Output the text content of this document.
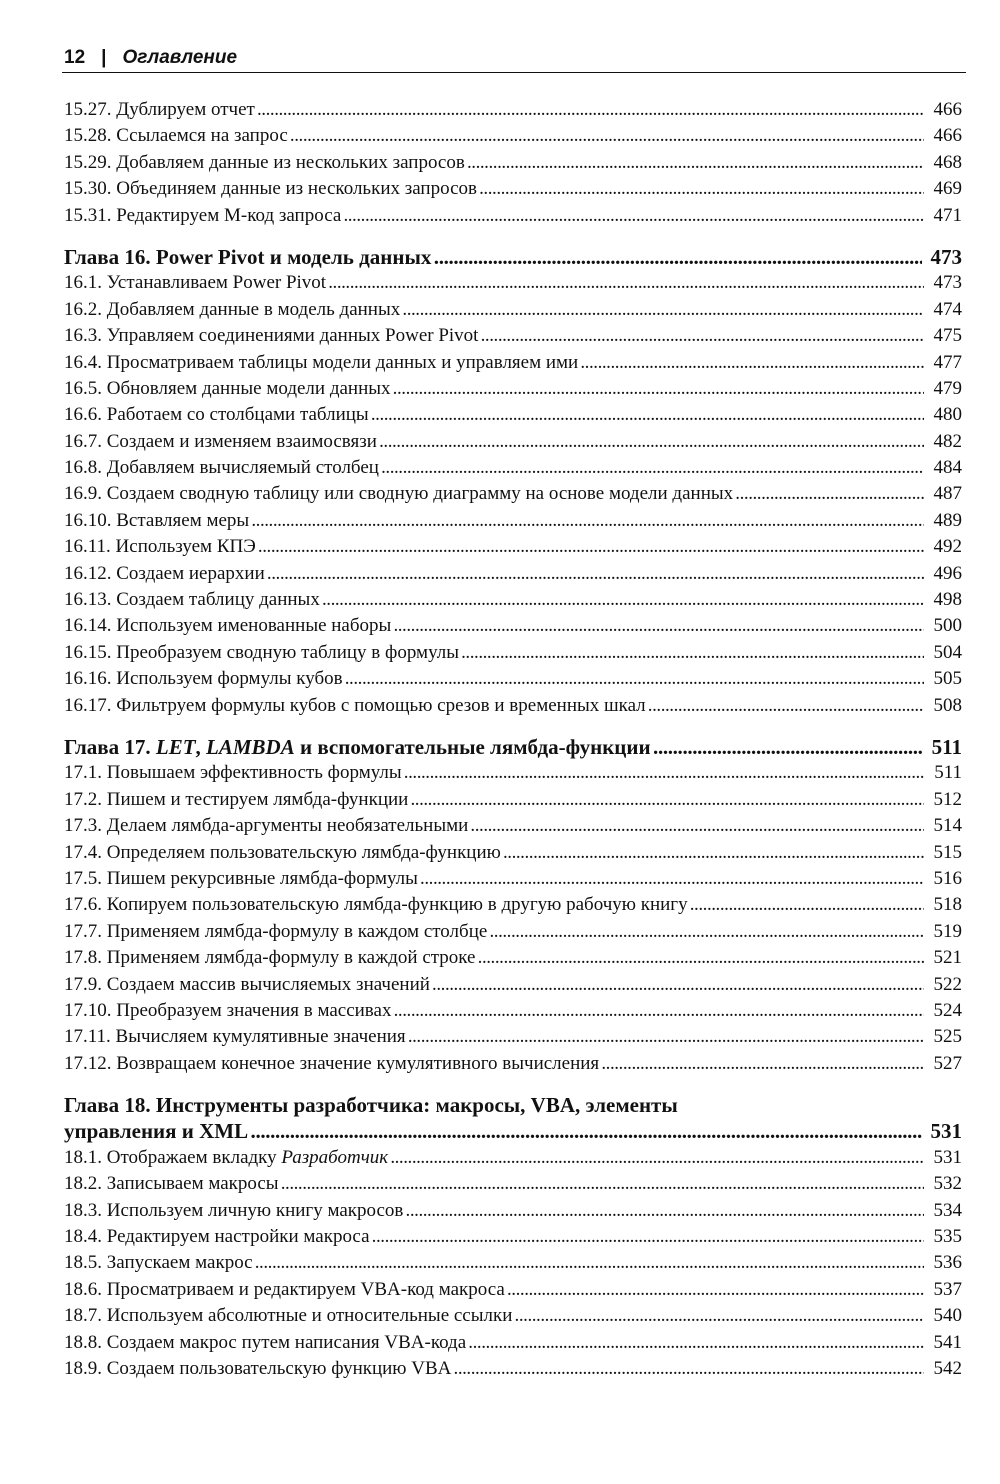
12 | Оглавление
15.27. Дублируем отчет . . .	466
15.28. Ссылаемся на запрос . . .	466
15.29. Добавляем данные из нескольких запросов . . .	468
15.30. Объединяем данные из нескольких запросов . . .	469
15.31. Редактируем M-код запроса . . .	471
Глава 16. Power Pivot и модель данных . . .	473
16.1. Устанавливаем Power Pivot . . .	473
16.2. Добавляем данные в модель данных . . .	474
16.3. Управляем соединениями данных Power Pivot . . .	475
16.4. Просматриваем таблицы модели данных и управляем ими . . .	477
16.5. Обновляем данные модели данных . . .	479
16.6. Работаем со столбцами таблицы . . .	480
16.7. Создаем и изменяем взаимосвязи . . .	482
16.8. Добавляем вычисляемый столбец . . .	484
16.9. Создаем сводную таблицу или сводную диаграмму на основе модели данных . . .	487
16.10. Вставляем меры . . .	489
16.11. Используем КПЭ . . .	492
16.12. Создаем иерархии . . .	496
16.13. Создаем таблицу данных . . .	498
16.14. Используем именованные наборы . . .	500
16.15. Преобразуем сводную таблицу в формулы . . .	504
16.16. Используем формулы кубов . . .	505
16.17. Фильтруем формулы кубов с помощью срезов и временных шкал . . .	508
Глава 17. LET, LAMBDA и вспомогательные лямбда-функции . . .	511
17.1. Повышаем эффективность формулы . . .	511
17.2. Пишем и тестируем лямбда-функции . . .	512
17.3. Делаем лямбда-аргументы необязательными . . .	514
17.4. Определяем пользовательскую лямбда-функцию . . .	515
17.5. Пишем рекурсивные лямбда-формулы . . .	516
17.6. Копируем пользовательскую лямбда-функцию в другую рабочую книгу . . .	518
17.7. Применяем лямбда-формулу в каждом столбце . . .	519
17.8. Применяем лямбда-формулу в каждой строке . . .	521
17.9. Создаем массив вычисляемых значений . . .	522
17.10. Преобразуем значения в массивах . . .	524
17.11. Вычисляем кумулятивные значения . . .	525
17.12. Возвращаем конечное значение кумулятивного вычисления . . .	527
Глава 18. Инструменты разработчика: макросы, VBA, элементы
управления и XML . . .	531
18.1. Отображаем вкладку Разработчик . . .	531
18.2. Записываем макросы . . .	532
18.3. Используем личную книгу макросов . . .	534
18.4. Редактируем настройки макроса . . .	535
18.5. Запускаем макрос . . .	536
18.6. Просматриваем и редактируем VBA-код макроса . . .	537
18.7. Используем абсолютные и относительные ссылки . . .	540
18.8. Создаем макрос путем написания VBA-кода . . .	541
18.9. Создаем пользовательскую функцию VBA . . .	542
